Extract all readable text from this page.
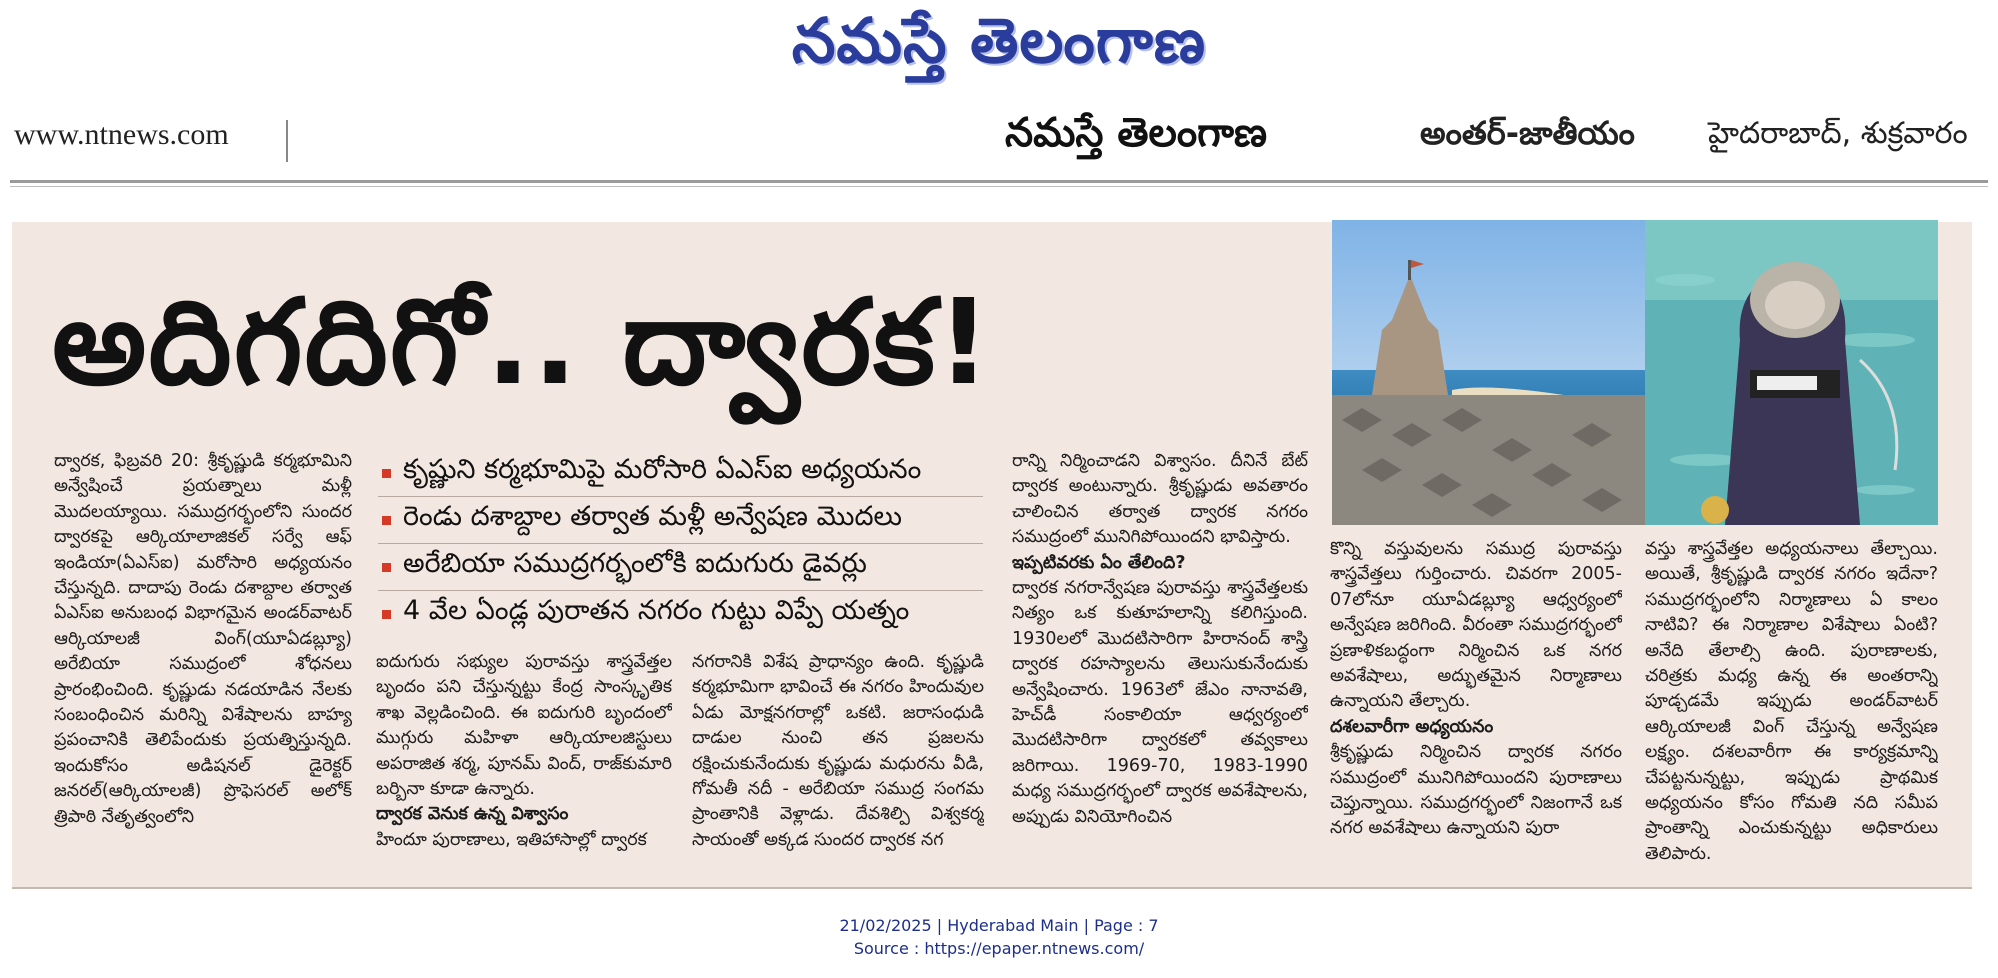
నమస్తే తెలంగాణ
www.ntnews.com	నమస్తే తెలంగాణ	అంతర్-జాతీయం హైదరాబాద్, శుక్రవారం
అదిగదిగో.. ద్వారక!

ద్వారక, ఫిబ్రవరి 20: శ్రీకృష్ణుడి కర్మభూమిని అన్వేషించే ప్రయత్నాలు మళ్లీ మొదలయ్యాయి. సముద్రగర్భంలోని సుందర ద్వారకపై ఆర్కియాలాజికల్ సర్వే ఆఫ్ ఇండియా(ఏఎస్ఐ) మరోసారి అధ్యయనం చేస్తున్నది. దాదాపు రెండు దశాబ్దాల తర్వాత ఏఎస్ఐ అనుబంధ విభాగమైన అండర్‌వాటర్ ఆర్కియాలజీ వింగ్(యూఏడబ్ల్యూ) అరేబియా సముద్రంలో శోధనలు ప్రారంభించింది. కృష్ణుడు నడయాడిన నేలకు సంబంధించిన మరిన్ని విశేషాలను బాహ్య ప్రపంచానికి తెలిపేందుకు ప్రయత్నిస్తున్నది. ఇందుకోసం అడిషనల్ డైరెక్టర్ జనరల్(ఆర్కియాలజీ) ప్రొఫెసరల్ అలోక్ త్రిపాఠి నేతృత్వంలోని

కృష్ణుని కర్మభూమిపై మరోసారి ఏఎస్ఐ అధ్యయనం
రెండు దశాబ్దాల తర్వాత మళ్లీ అన్వేషణ మొదలు
అరేబియా సముద్రగర్భంలోకి ఐదుగురు డైవర్లు
4 వేల ఏండ్ల పురాతన నగరం గుట్టు విప్పే యత్నం

ఐదుగురు సభ్యుల పురావస్తు శాస్త్రవేత్తల బృందం పని చేస్తున్నట్టు కేంద్ర సాంస్కృతిక శాఖ వెల్లడించింది. ఈ ఐదుగురి బృందంలో ముగ్గురు మహిళా ఆర్కియాలజిస్టులు అపరాజిత శర్మ, పూనమ్ వింద్, రాజ్‌కుమారి బర్బినా కూడా ఉన్నారు.

ద్వారక వెనుక ఉన్న విశ్వాసం

హిందూ పురాణాలు, ఇతిహాసాల్లో ద్వారక

నగరానికి విశేష ప్రాధాన్యం ఉంది. కృష్ణుడి కర్మభూమిగా భావించే ఈ నగరం హిందువుల ఏడు మోక్షనగరాల్లో ఒకటి. జరాసంధుడి దాడుల నుంచి తన ప్రజలను రక్షించుకునేందుకు కృష్ణుడు మధురను వీడి, గోమతీ నదీ - అరేబియా సముద్ర సంగమ ప్రాంతానికి వెళ్లాడు. దేవశిల్పి విశ్వకర్మ సాయంతో అక్కడ సుందర ద్వారక నగ

రాన్ని నిర్మించాడని విశ్వాసం. దీనినే బేట్ ద్వారక అంటున్నారు. శ్రీకృష్ణుడు అవతారం చాలించిన తర్వాత ద్వారక నగరం సముద్రంలో మునిగిపోయిందని భావిస్తారు.

ఇప్పటివరకు ఏం తేలింది?

ద్వారక నగరాన్వేషణ పురావస్తు శాస్త్రవేత్తలకు నిత్యం ఒక కుతూహలాన్ని కలిగిస్తుంది. 1930లలో మొదటిసారిగా హిరానంద్ శాస్త్రి ద్వారక రహస్యాలను తెలుసుకునేందుకు అన్వేషించారు. 1963లో జేఎం నానావతి, హెచ్‌డీ సంకాలియా ఆధ్వర్యంలో మొదటిసారిగా ద్వారకలో తవ్వకాలు జరిగాయి. 1969-70, 1983-1990 మధ్య సముద్రగర్భంలో ద్వారక అవశేషాలను, అప్పుడు వినియోగించిన

కొన్ని వస్తువులను సముద్ర పురావస్తు శాస్త్రవేత్తలు గుర్తించారు. చివరగా 2005-07లోనూ యూఏడబ్ల్యూ ఆధ్వర్యంలో అన్వేషణ జరిగింది. వీరంతా సముద్రగర్భంలో ప్రణాళికబద్ధంగా నిర్మించిన ఒక నగర అవశేషాలు, అద్భుతమైన నిర్మాణాలు ఉన్నాయని తేల్చారు.

దశలవారీగా అధ్యయనం

శ్రీకృష్ణుడు నిర్మించిన ద్వారక నగరం సముద్రంలో మునిగిపోయిందని పురాణాలు చెప్తున్నాయి. సముద్రగర్భంలో నిజంగానే ఒక నగర అవశేషాలు ఉన్నాయని పురా

వస్తు శాస్త్రవేత్తల అధ్యయనాలు తేల్చాయి. అయితే, శ్రీకృష్ణుడి ద్వారక నగరం ఇదేనా? సముద్రగర్భంలోని నిర్మాణాలు ఏ కాలం నాటివి? ఈ నిర్మాణాల విశేషాలు ఏంటి? అనేది తేలాల్సి ఉంది. పురాణాలకు, చరిత్రకు మధ్య ఉన్న ఈ అంతరాన్ని పూడ్చడమే ఇప్పుడు అండర్‌వాటర్ ఆర్కియాలజీ వింగ్ చేస్తున్న అన్వేషణ లక్ష్యం. దశలవారీగా ఈ కార్యక్రమాన్ని చేపట్టనున్నట్టు, ఇప్పుడు ప్రాథమిక అధ్యయనం కోసం గోమతి నది సమీప ప్రాంతాన్ని ఎంచుకున్నట్టు అధికారులు తెలిపారు.

21/02/2025 | Hyderabad Main | Page : 7
Source : https://epaper.ntnews.com/
